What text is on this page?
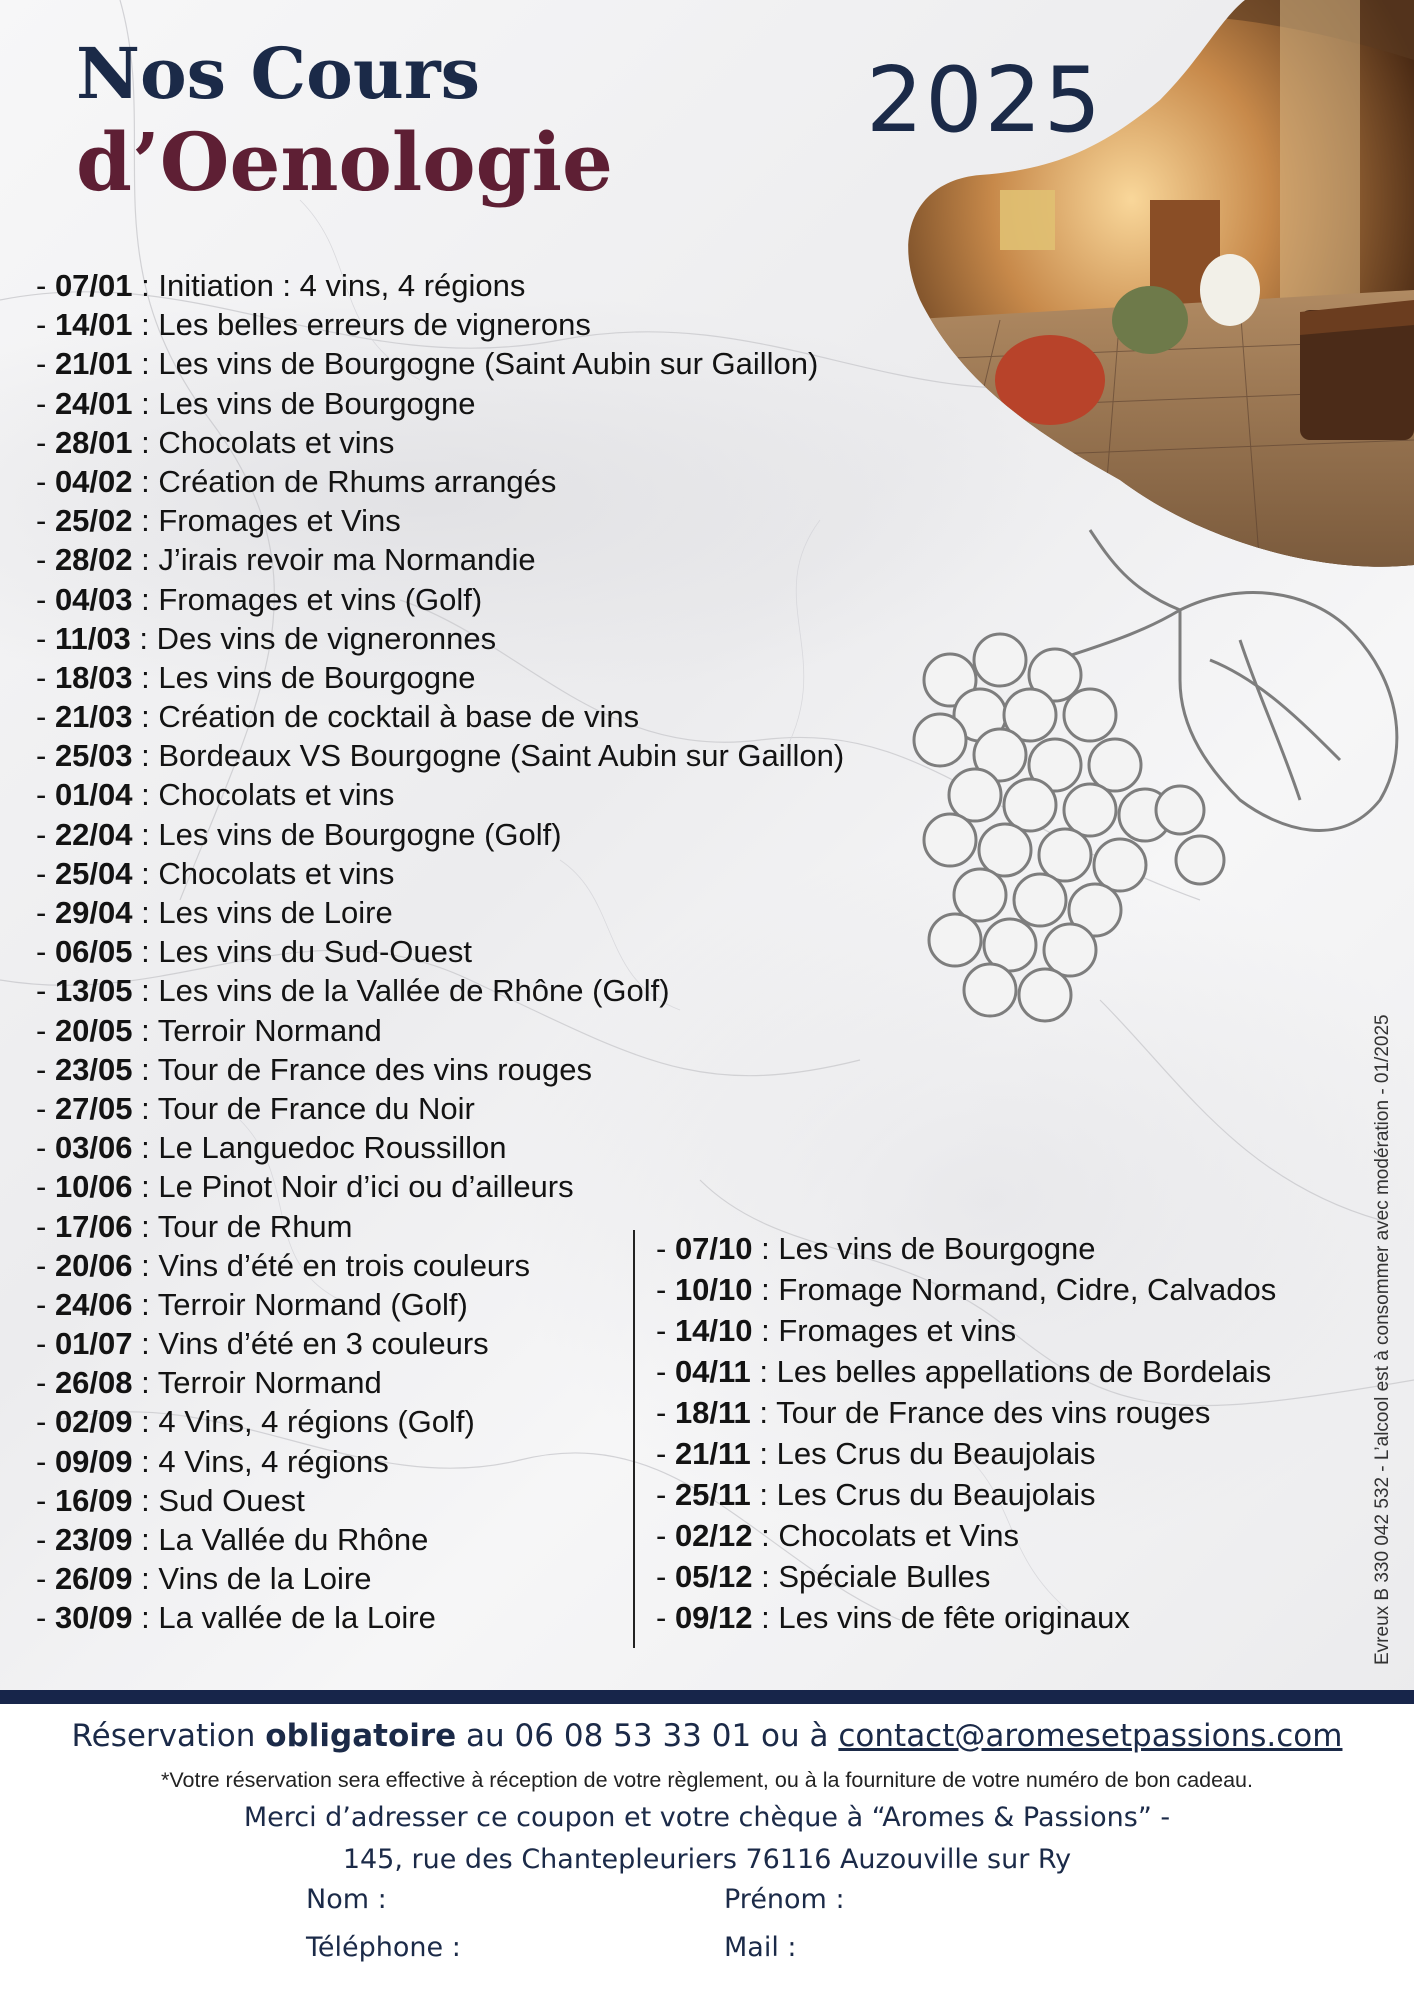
Nos Cours
d’Oenologie
2025
- 07/01 : Initiation : 4 vins, 4 régions
- 14/01 : Les belles erreurs de vignerons
- 21/01 : Les vins de Bourgogne (Saint Aubin sur Gaillon)
- 24/01 : Les vins de Bourgogne
- 28/01 : Chocolats et vins
- 04/02 : Création de Rhums arrangés
- 25/02 : Fromages et Vins
- 28/02 : J’irais revoir ma Normandie
- 04/03 : Fromages et vins (Golf)
- 11/03 : Des vins de vigneronnes
- 18/03 : Les vins de Bourgogne
- 21/03 : Création de cocktail à base de vins
- 25/03 : Bordeaux VS Bourgogne (Saint Aubin sur Gaillon)
- 01/04 : Chocolats et vins
- 22/04 : Les vins de Bourgogne (Golf)
- 25/04 : Chocolats et vins
- 29/04 : Les vins de Loire
- 06/05 : Les vins du Sud-Ouest
- 13/05 : Les vins de la Vallée de Rhône (Golf)
- 20/05 : Terroir Normand
- 23/05 : Tour de France des vins rouges
- 27/05 : Tour de France du Noir
- 03/06 : Le Languedoc Roussillon
- 10/06 : Le Pinot Noir d’ici ou d’ailleurs
- 17/06 : Tour de Rhum
- 20/06 : Vins d’été en trois couleurs
- 24/06 : Terroir Normand (Golf)
- 01/07 : Vins d’été en 3 couleurs
- 26/08 : Terroir Normand
- 02/09 : 4 Vins, 4 régions (Golf)
- 09/09 : 4 Vins, 4 régions
- 16/09 : Sud Ouest
- 23/09 : La Vallée du Rhône
- 26/09 : Vins de la Loire
- 30/09 : La vallée de la Loire
- 07/10 : Les vins de Bourgogne
- 10/10 : Fromage Normand, Cidre, Calvados
- 14/10 : Fromages et vins
- 04/11 : Les belles appellations de Bordelais
- 18/11 : Tour de France des vins rouges
- 21/11 : Les Crus du Beaujolais
- 25/11 : Les Crus du Beaujolais
- 02/12 : Chocolats et Vins
- 05/12 : Spéciale Bulles
- 09/12 : Les vins de fête originaux	Evreux B 330 042 532 - L’alcool est à consommer avec modération - 01/2025
Réservation obligatoire au 06 08 53 33 01 ou à contact@aromesetpassions.com
*Votre réservation sera effective à réception de votre règlement, ou à la fourniture de votre numéro de bon cadeau.
Merci d’adresser ce coupon et votre chèque à “Aromes & Passions” -
145, rue des Chantepleuriers 76116 Auzouville sur Ry
Nom :	Prénom :
Téléphone :	Mail :
